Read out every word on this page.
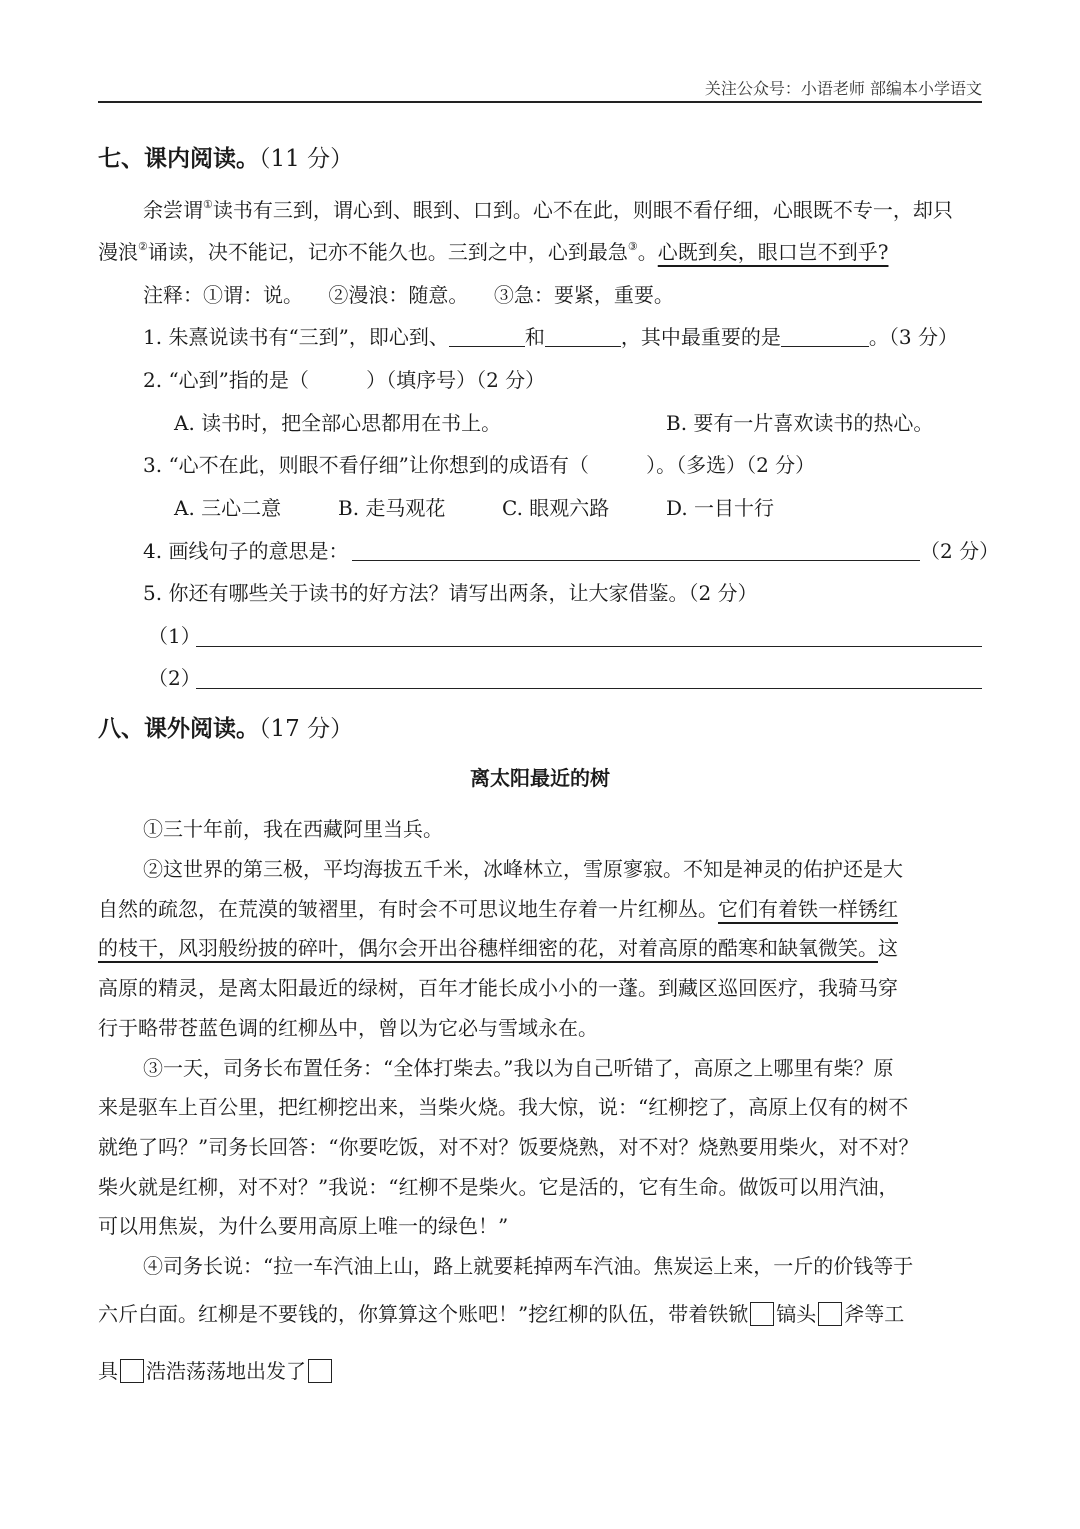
关注公众号：小语老师 部编本小学语文
七、课内阅读。（11 分）
余尝谓①读书有三到，谓心到、眼到、口到。心不在此，则眼不看仔细，心眼既不专一，却只
漫浪②诵读，决不能记，记亦不能久也。三到之中，心到最急③。心既到矣，眼口岂不到乎?
注释：①谓：说。    ②漫浪：随意。    ③急：要紧，重要。
1. 朱熹说读书有“三到”，即心到、	和	，其中最重要的是	。（3 分）
2. “心到”指的是（         ）（填序号）（2 分）
A. 读书时，把全部心思都用在书上。	B. 要有一片喜欢读书的热心。
3. “心不在此，则眼不看仔细”让你想到的成语有（         ）。（多选）（2 分）
A. 三心二意	B. 走马观花	C. 眼观六路	D. 一目十行
4. 画线句子的意思是：	（2 分）
5. 你还有哪些关于读书的好方法？请写出两条，让大家借鉴。（2 分）
（1）
（2）
八、课外阅读。（17 分）
离太阳最近的树
①三十年前，我在西藏阿里当兵。
②这世界的第三极，平均海拔五千米，冰峰林立，雪原寥寂。不知是神灵的佑护还是大
自然的疏忽，在荒漠的皱褶里，有时会不可思议地生存着一片红柳丛。它们有着铁一样锈红
的枝干，风羽般纷披的碎叶，偶尔会开出谷穗样细密的花，对着高原的酷寒和缺氧微笑。这
高原的精灵，是离太阳最近的绿树，百年才能长成小小的一蓬。到藏区巡回医疗，我骑马穿
行于略带苍蓝色调的红柳丛中，曾以为它必与雪域永在。
③一天，司务长布置任务：“全体打柴去。”我以为自己听错了，高原之上哪里有柴？原
来是驱车上百公里，把红柳挖出来，当柴火烧。我大惊，说：“红柳挖了，高原上仅有的树不
就绝了吗？”司务长回答：“你要吃饭，对不对？饭要烧熟，对不对？烧熟要用柴火，对不对？
柴火就是红柳，对不对？”我说：“红柳不是柴火。它是活的，它有生命。做饭可以用汽油，
可以用焦炭，为什么要用高原上唯一的绿色！”
④司务长说：“拉一车汽油上山，路上就要耗掉两车汽油。焦炭运上来，一斤的价钱等于
六斤白面。红柳是不要钱的，你算算这个账吧！”挖红柳的队伍，带着铁锨 镐头 斧等工
具 浩浩荡荡地出发了
